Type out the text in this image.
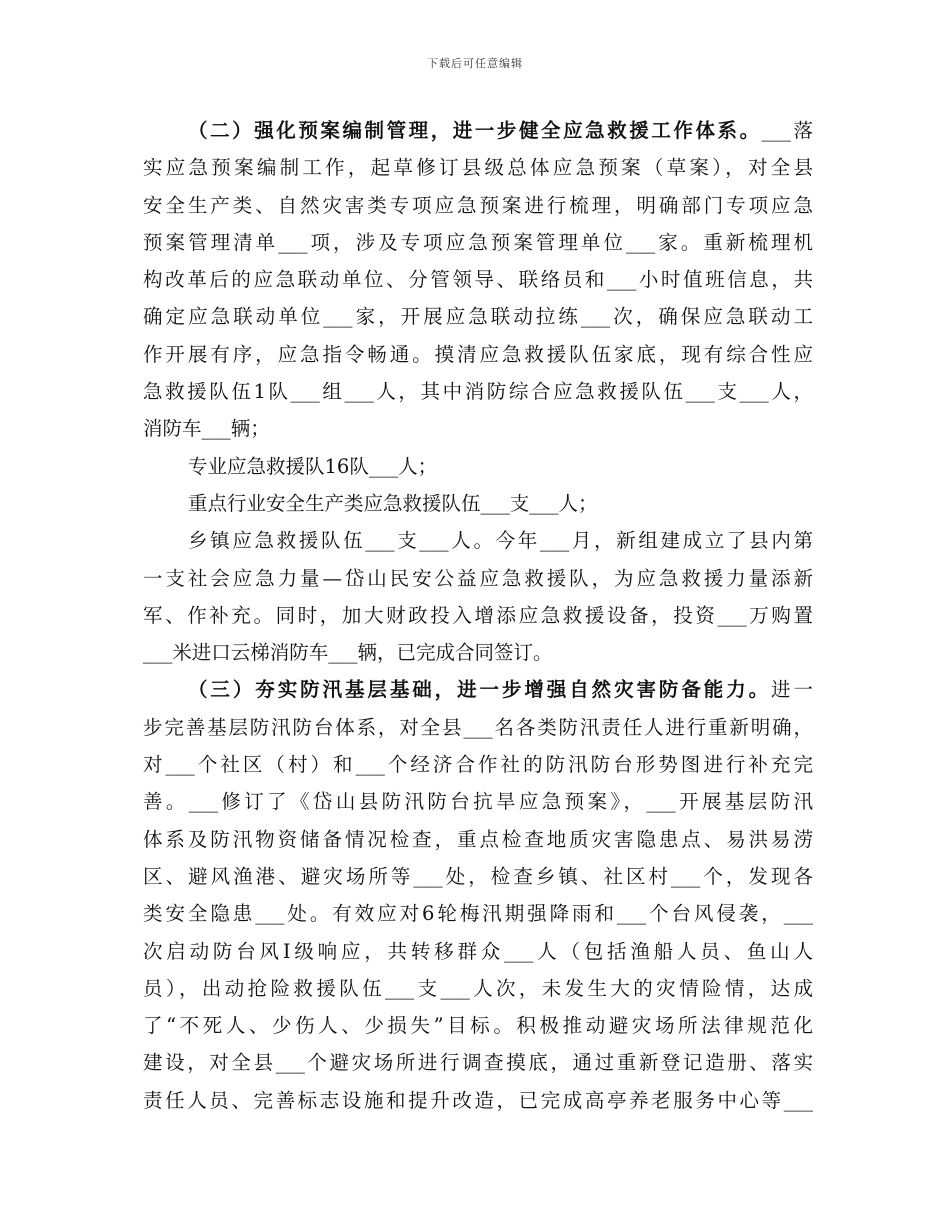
下载后可任意编辑
（二）强化预案编制管理，进一步健全应急救援工作体系。___落
实应急预案编制工作，起草修订县级总体应急预案（草案），对全县
安全生产类、自然灾害类专项应急预案进行梳理，明确部门专项应急
预案管理清单___项，涉及专项应急预案管理单位___家。重新梳理机
构改革后的应急联动单位、分管领导、联络员和___小时值班信息，共
确定应急联动单位___家，开展应急联动拉练___次，确保应急联动工
作开展有序，应急指令畅通。摸清应急救援队伍家底，现有综合性应
急救援队伍1队___组___人，其中消防综合应急救援队伍___支___人，
消防车___辆；
专业应急救援队16队___人；
重点行业安全生产类应急救援队伍___支___人；
乡镇应急救援队伍___支___人。今年___月，新组建成立了县内第
一支社会应急力量—岱山民安公益应急救援队，为应急救援力量添新
军、作补充。同时，加大财政投入增添应急救援设备，投资___万购置
___米进口云梯消防车___辆，已完成合同签订。
（三）夯实防汛基层基础，进一步增强自然灾害防备能力。进一
步完善基层防汛防台体系，对全县___名各类防汛责任人进行重新明确，
对___个社区（村）和___个经济合作社的防汛防台形势图进行补充完
善。___修订了《岱山县防汛防台抗旱应急预案》，___开展基层防汛
体系及防汛物资储备情况检查，重点检查地质灾害隐患点、易洪易涝
区、避风渔港、避灾场所等___处，检查乡镇、社区村___个，发现各
类安全隐患___处。有效应对6轮梅汛期强降雨和___个台风侵袭，___
次启动防台风Ⅰ级响应，共转移群众___人（包括渔船人员、鱼山人
员），出动抢险救援队伍___支___人次，未发生大的灾情险情，达成
了“不死人、少伤人、少损失”目标。积极推动避灾场所法律规范化
建设，对全县___个避灾场所进行调查摸底，通过重新登记造册、落实
责任人员、完善标志设施和提升改造，已完成高亭养老服务中心等___
